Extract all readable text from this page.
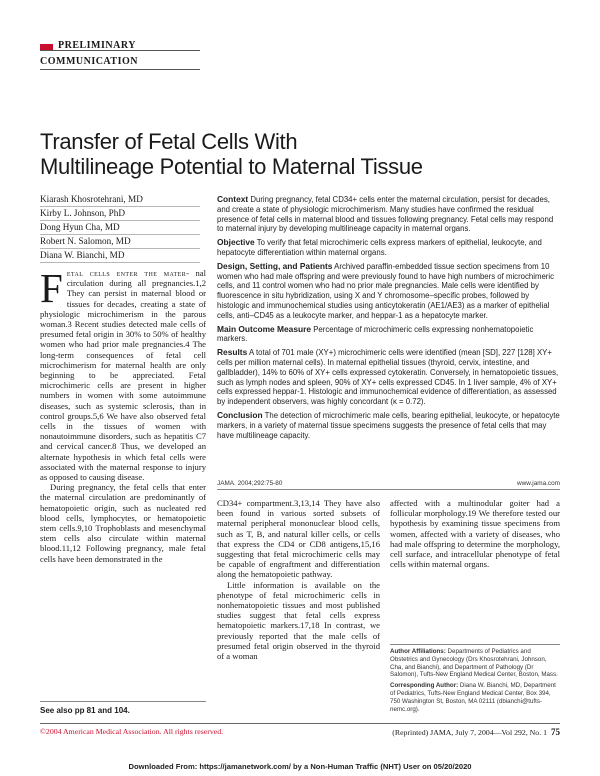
PRELIMINARY
COMMUNICATION
Transfer of Fetal Cells With
Multilineage Potential to Maternal Tissue
Kiarash Khosrotehrani, MD
Kirby L. Johnson, PhD
Dong Hyun Cha, MD
Robert N. Salomon, MD
Diana W. Bianchi, MD

Context During pregnancy, fetal CD34+ cells enter the maternal circulation, persist for decades, and create a state of physiologic microchimerism. Many studies have confirmed the residual presence of fetal cells in maternal blood and tissues following pregnancy. Fetal cells may respond to maternal injury by developing multilineage capacity in maternal organs.

Objective To verify that fetal microchimeric cells express markers of epithelial, leukocyte, and hepatocyte differentiation within maternal organs.

Design, Setting, and Patients Archived paraffin-embedded tissue section specimens from 10 women who had male offspring and were previously found to have high numbers of microchimeric cells, and 11 control women who had no prior male pregnancies. Male cells were identified by fluorescence in situ hybridization, using X and Y chromosome–specific probes, followed by histologic and immunochemical studies using anticytokeratin (AE1/AE3) as a marker of epithelial cells, anti–CD45 as a leukocyte marker, and heppar-1 as a hepatocyte marker.

Main Outcome Measure Percentage of microchimeric cells expressing nonhematopoietic markers.

Results A total of 701 male (XY+) microchimeric cells were identified (mean [SD], 227 [128] XY+ cells per million maternal cells). In maternal epithelial tissues (thyroid, cervix, intestine, and gallbladder), 14% to 60% of XY+ cells expressed cytokeratin. Conversely, in hematopoietic tissues, such as lymph nodes and spleen, 90% of XY+ cells expressed CD45. In 1 liver sample, 4% of XY+ cells expressed heppar-1. Histologic and immunochemical evidence of differentiation, as assessed by independent observers, was highly concordant (κ = 0.72).

Conclusion The detection of microchimeric male cells, bearing epithelial, leukocyte, or hepatocyte markers, in a variety of maternal tissue specimens suggests the presence of fetal cells that may have multilineage capacity.

JAMA. 2004;292:75-80	www.jama.com

Fetal cells enter the mater- nal circulation during all pregnancies.1,2 They can persist in maternal blood or tissues for decades, creating a state of physiologic microchimerism in the parous woman.3 Recent studies detected male cells of presumed fetal origin in 30% to 50% of healthy women who had prior male pregnancies.4 The long-term consequences of fetal cell microchimerism for maternal health are only beginning to be appreciated. Fetal microchimeric cells are present in higher numbers in women with some autoimmune diseases, such as systemic sclerosis, than in control groups.5,6 We have also observed fetal cells in the tissues of women with nonautoimmune disorders, such as hepatitis C7 and cervical cancer.8 Thus, we developed an alternate hypothesis in which fetal cells were associated with the maternal response to injury as opposed to causing disease.

During pregnancy, the fetal cells that enter the maternal circulation are predominantly of hematopoietic origin, such as nucleated red blood cells, lymphocytes, or hematopoietic stem cells.9,10 Trophoblasts and mesenchymal stem cells also circulate within maternal blood.11,12 Following pregnancy, male fetal cells have been demonstrated in the

See also pp 81 and 104.

CD34+ compartment.3,13,14 They have also been found in various sorted subsets of maternal peripheral mononuclear blood cells, such as T, B, and natural killer cells, or cells that express the CD4 or CD8 antigens,15,16 suggesting that fetal microchimeric cells may be capable of engraftment and differentiation along the hematopoietic pathway.

Little information is available on the phenotype of fetal microchimeric cells in nonhematopoietic tissues and most published studies suggest that fetal cells express hematopoietic markers.17,18 In contrast, we previously reported that the male cells of presumed fetal origin observed in the thyroid of a woman

affected with a multinodular goiter had a follicular morphology.19 We therefore tested our hypothesis by examining tissue specimens from women, affected with a variety of diseases, who had male offspring to determine the morphology, cell surface, and intracellular phenotype of fetal cells within maternal organs.

Author Affiliations: Departments of Pediatrics and Obstetrics and Gynecology (Drs Khosrotehrani, Johnson, Cha, and Bianchi), and Department of Pathology (Dr Salomon), Tufts-New England Medical Center, Boston, Mass.

Corresponding Author: Diana W. Bianchi, MD, Department of Pediatrics, Tufts-New England Medical Center, Box 394, 750 Washington St, Boston, MA 02111 (dbianchi@tufts-nemc.org).

©2004 American Medical Association. All rights reserved.	(Reprinted) JAMA, July 7, 2004—Vol 292, No. 1 75
Downloaded From: https://jamanetwork.com/ by a Non-Human Traffic (NHT) User on 05/20/2020
